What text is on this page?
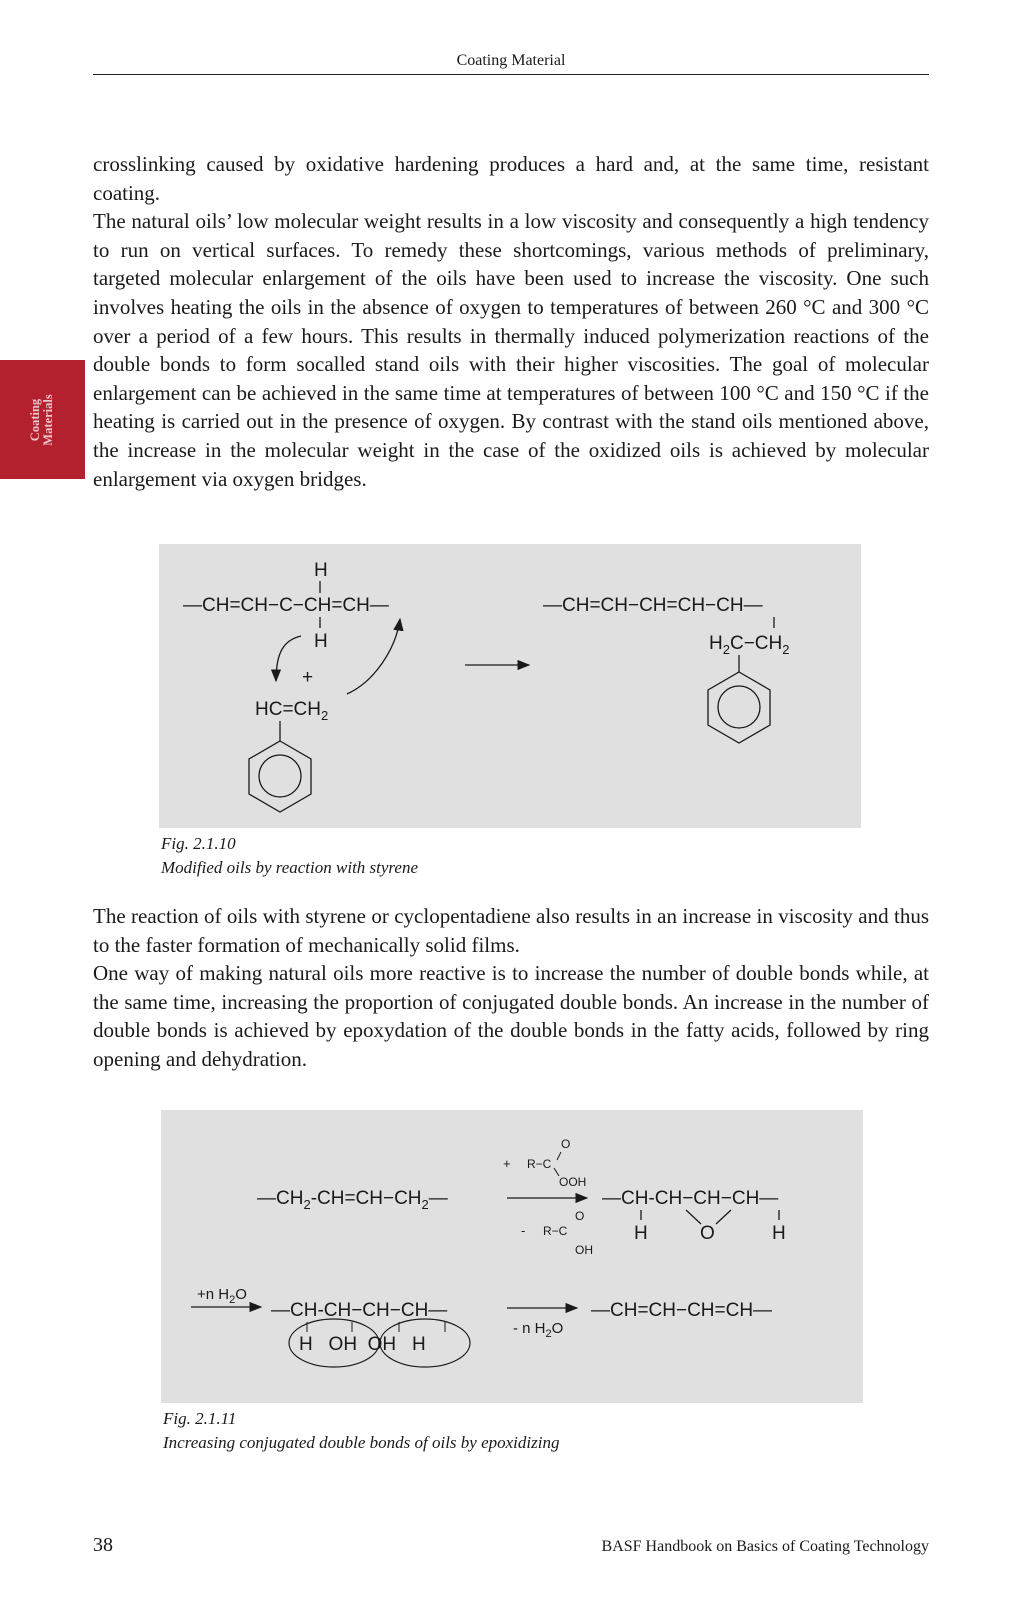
Coating Material
Coating Materials

crosslinking caused by oxidative hardening produces a hard and, at the same time, resistant coating.

The natural oils’ low molecular weight results in a low viscosity and consequently a high tendency to run on vertical surfaces. To remedy these shortcomings, various methods of preliminary, targeted molecular enlargement of the oils have been used to increase the viscosity. One such involves heating the oils in the absence of oxygen to temperatures of between 260 °C and 300 °C over a period of a few hours. This results in thermally induced polymerization reactions of the double bonds to form socalled stand oils with their higher viscosities. The goal of molecular enlargement can be achieved in the same time at temperatures of between 100 °C and 150 °C if the heating is carried out in the presence of oxygen. By contrast with the stand oils mentioned above, the increase in the molecular weight in the case of the oxidized oils is achieved by molecular enlargement via oxygen bridges.

H
—CH=CH−C−CH=CH—
H
+
$HC=CH_2$
—CH=CH−CH=CH−CH—
$H_2C-CH_2$
Fig. 2.1.10
Modified oils by reaction with styrene

The reaction of oils with styrene or cyclopentadiene also results in an increase in viscosity and thus to the faster formation of mechanically solid films.

One way of making natural oils more reactive is to increase the number of double bonds while, at the same time, increasing the proportion of conjugated double bonds. An increase in the number of double bonds is achieved by epoxydation of the double bonds in the fatty acids, followed by ring opening and dehydration.

$—CH_2-CH=CH-CH_2—$
+ R−C
O
OOH
- R−C
O
OH
—CH-CH−CH−CH—
H	O	H
+n $H_2O$
—CH-CH−CH−CH—
H   OH  OH   H
- n $H_2O$
—CH=CH−CH=CH—
Fig. 2.1.11
Increasing conjugated double bonds of oils by epoxidizing
38	BASF Handbook on Basics of Coating Technology
